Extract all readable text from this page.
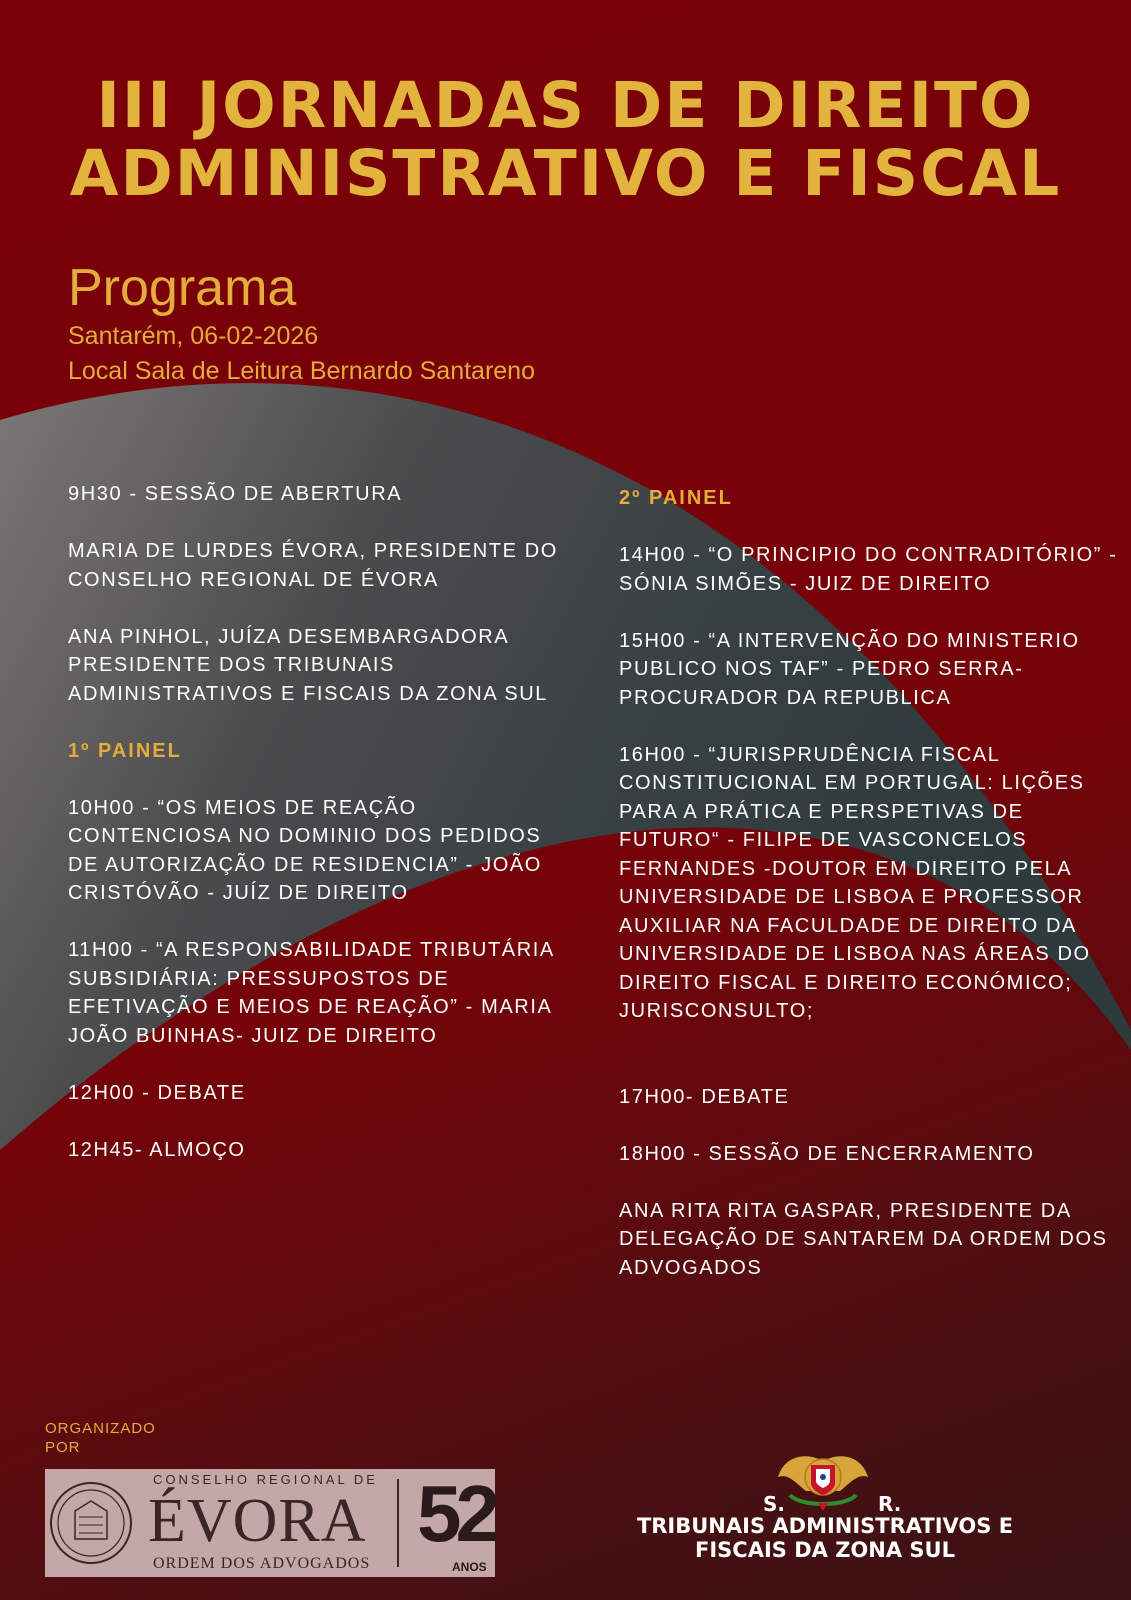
III JORNADAS DE DIREITO
ADMINISTRATIVO E FISCAL
Programa
Santarém, 06-02-2026
Local Sala de Leitura Bernardo Santareno

9H30 - SESSÃO DE ABERTURA

MARIA DE LURDES ÉVORA, PRESIDENTE DO CONSELHO REGIONAL DE ÉVORA

ANA PINHOL, JUÍZA DESEMBARGADORA PRESIDENTE DOS TRIBUNAIS ADMINISTRATIVOS E FISCAIS DA ZONA SUL

1º PAINEL

10H00 - “OS MEIOS DE REAÇÃO CONTENCIOSA NO DOMINIO DOS PEDIDOS DE AUTORIZAÇÃO DE RESIDENCIA” - JOÃO CRISTÓVÃO - JUÍZ DE DIREITO

11H00 - “A RESPONSABILIDADE TRIBUTÁRIA SUBSIDIÁRIA: PRESSUPOSTOS DE EFETIVAÇÃO E MEIOS DE REAÇÃO” - MARIA JOÃO BUINHAS- JUIZ DE DIREITO

12H00 - DEBATE

12H45- ALMOÇO

2º PAINEL

14H00 - “O PRINCIPIO DO CONTRADITÓRIO” - SÓNIA SIMÕES - JUIZ DE DIREITO

15H00 - “A INTERVENÇÃO DO MINISTERIO PUBLICO NOS TAF” - PEDRO SERRA- PROCURADOR DA REPUBLICA

16H00 - “JURISPRUDÊNCIA FISCAL CONSTITUCIONAL EM PORTUGAL: LIÇÕES PARA A PRÁTICA E PERSPETIVAS DE FUTURO“ - FILIPE DE VASCONCELOS FERNANDES -DOUTOR EM DIREITO PELA UNIVERSIDADE DE LISBOA E PROFESSOR AUXILIAR NA FACULDADE DE DIREITO DA UNIVERSIDADE DE LISBOA NAS ÁREAS DO DIREITO FISCAL E DIREITO ECONÓMICO; JURISCONSULTO;

17H00- DEBATE

18H00 - SESSÃO DE ENCERRAMENTO

ANA RITA RITA GASPAR, PRESIDENTE DA DELEGAÇÃO DE SANTAREM DA ORDEM DOS ADVOGADOS

ORGANIZADO
POR
CONSELHO REGIONAL DE
ÉVORA
ORDEM DOS ADVOGADOS
52
ANOS
S.	R.
TRIBUNAIS ADMINISTRATIVOS E
FISCAIS DA ZONA SUL
